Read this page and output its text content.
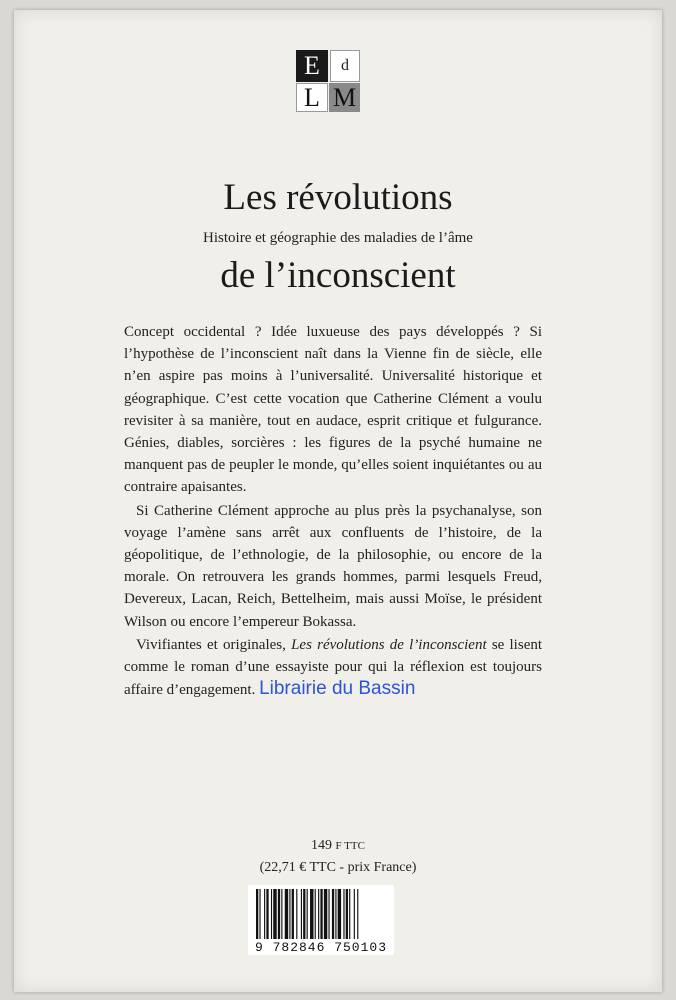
E	d
L M
Les révolutions
Histoire et géographie des maladies de l’âme
de l’inconscient

Concept occidental ? Idée luxueuse des pays développés ? Si l’hypothèse de l’inconscient naît dans la Vienne fin de siècle, elle n’en aspire pas moins à l’universalité. Universalité historique et géographique. C’est cette vocation que Catherine Clément a voulu revisiter à sa manière, tout en audace, esprit critique et fulgurance. Génies, diables, sorcières : les figures de la psyché humaine ne manquent pas de peupler le monde, qu’elles soient inquiétantes ou au contraire apaisantes.

Si Catherine Clément approche au plus près la psychanalyse, son voyage l’amène sans arrêt aux confluents de l’histoire, de la géopolitique, de l’ethnologie, de la philosophie, ou encore de la morale. On retrouvera les grands hommes, parmi lesquels Freud, Devereux, Lacan, Reich, Bettelheim, mais aussi Moïse, le président Wilson ou encore l’empereur Bokassa.

Vivifiantes et originales, Les révolutions de l’inconscient se lisent comme le roman d’une essayiste pour qui la réflexion est toujours affaire d’engagement. Librairie du Bassin

149 F TTC
(22,71 € TTC - prix France)
9 782846 750103
